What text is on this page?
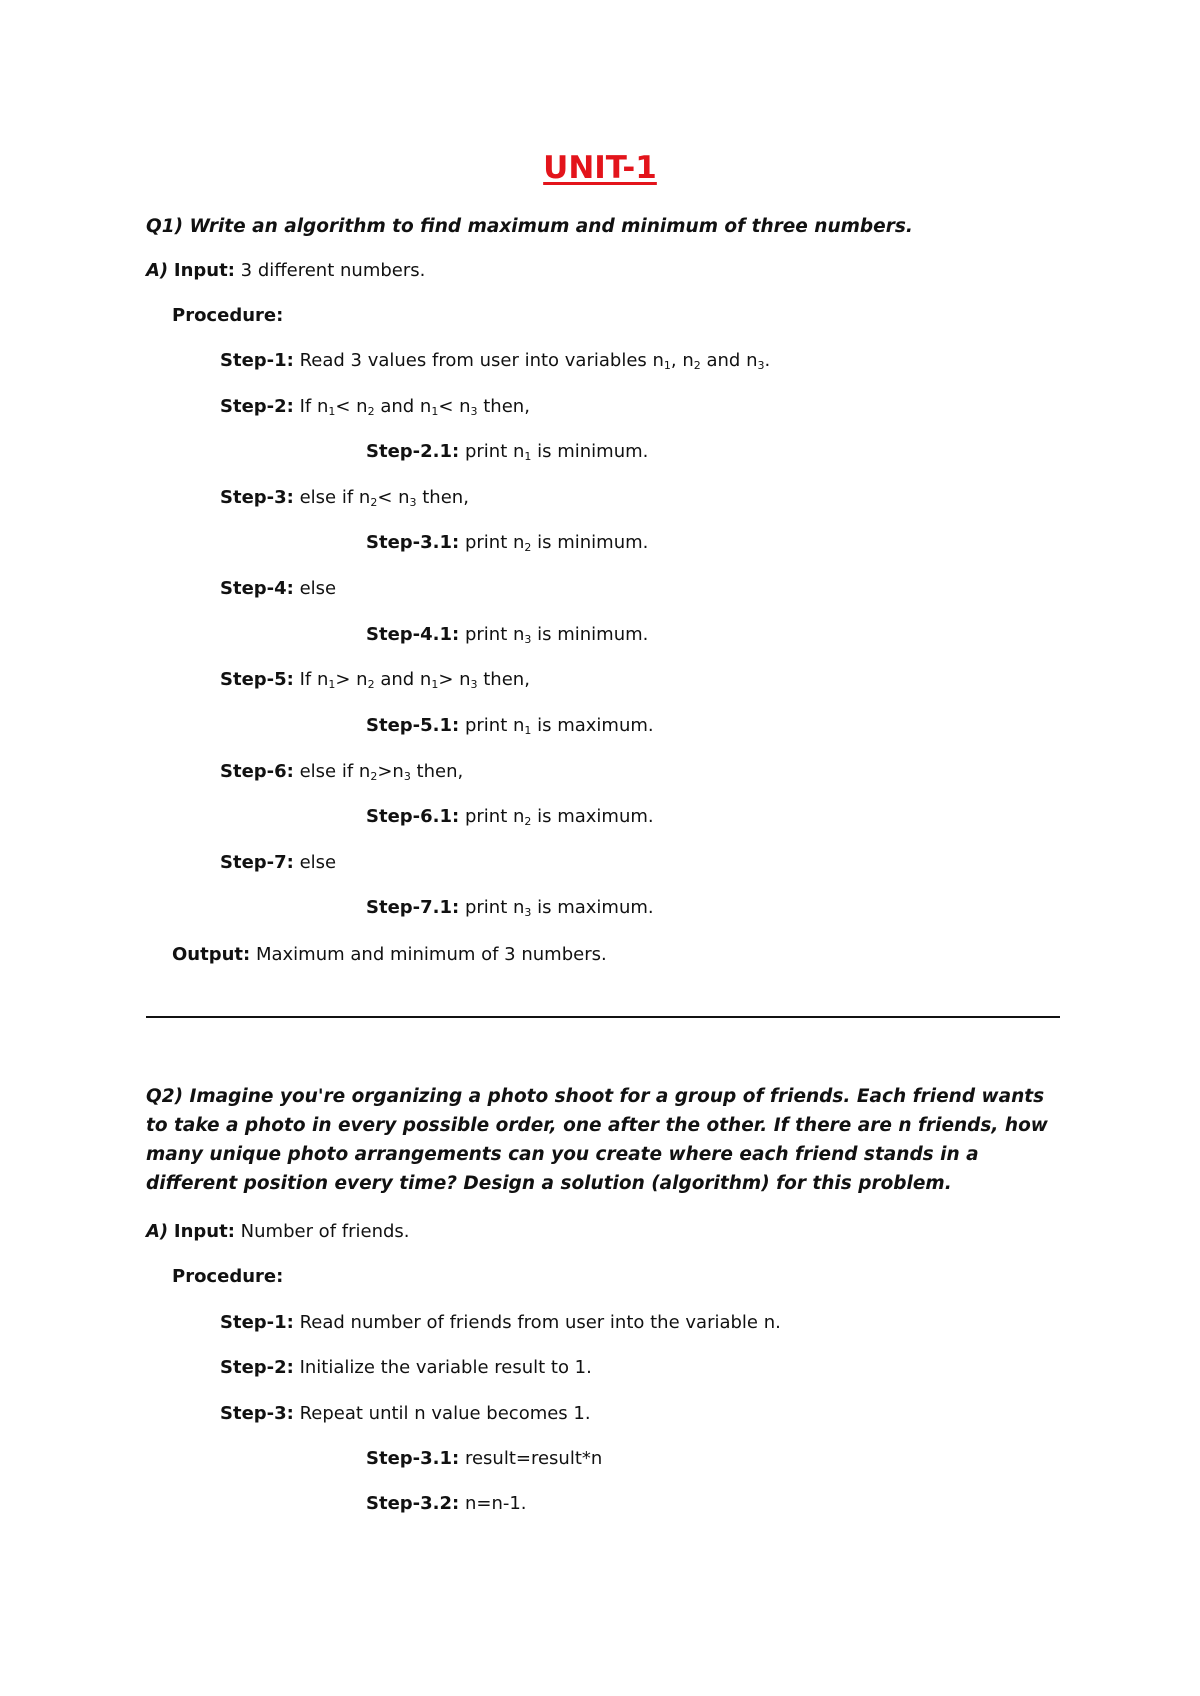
UNIT-1

Q1) Write an algorithm to find maximum and minimum of three numbers.

A) Input: 3 different numbers.

Procedure:

Step-1: Read 3 values from user into variables $n_1$, $n_2$ and $n_3$.

Step-2: If $n_1< n_2$ and $n_1< n_3$ then,

Step-2.1: print $n_1$ is minimum.

Step-3: else if $n_2< n_3$ then,

Step-3.1: print $n_2$ is minimum.

Step-4: else

Step-4.1: print $n_3$ is minimum.

Step-5: If $n_1> n_2$ and $n_1> n_3$ then,

Step-5.1: print $n_1$ is maximum.

Step-6: else if $n_2>n_3$ then,

Step-6.1: print $n_2$ is maximum.

Step-7: else

Step-7.1: print $n_3$ is maximum.

Output: Maximum and minimum of 3 numbers.

Q2) Imagine you're organizing a photo shoot for a group of friends. Each friend wants to take a photo in every possible order, one after the other. If there are n friends, how many unique photo arrangements can you create where each friend stands in a different position every time? Design a solution (algorithm) for this problem.

A) Input: Number of friends.

Procedure:

Step-1: Read number of friends from user into the variable n.

Step-2: Initialize the variable result to 1.

Step-3: Repeat until n value becomes 1.

Step-3.1: result=result*n

Step-3.2: n=n-1.
